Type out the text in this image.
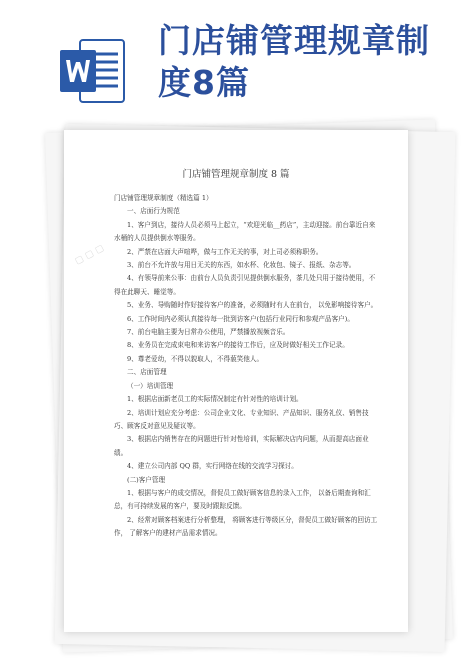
门店铺管理规章制度8篇
门店铺管理规章制度 8 篇

门店铺管理规章制度（精选篇 1）

一、店面行为规范

1、客户到店，接待人员必须马上起立，“欢迎光临__药店”，主动迎接。前台靠近自来水桶的人员提供倒水等服务。

2、严禁在店面大声喧哗，做与工作无关的事，对上司必须称职务。

3、前台不允许放与用日无关的东西，如水杯、化妆包、镜子、报纸、杂志等。

4、有领导前来公事：由前台人员负责引见提供倒水服务，茶几处只用于接待使用，不得在此聊天、睡觉等。

5、业务、导购随时作好接待客户的准备，必须随时有人在前台， 以免影响接待客户。

6、工作时间内必须认真接待每一批到访客户(包括行业同行和参观产品客户)。

7、前台电脑主要为日常办公使用，严禁播放视频音乐。

8、业务员在完成束电和来访客户的接待工作后，应及时做好相关工作记录。

9、尊老爱幼，不得以貌取人，不得藐笑他人。

二、店面管理

（一）培训管理

1、根据店面新老员工的实际情况制定有针对性的培训计划。

2、培训计划应充分考虑：公司企业文化、专业知识、产品知识、服务礼仪、销售技巧、顾客反对意见及疑议等。

3、根据店内销售存在的问题进行针对性培训，实际解决店内问题，从而提高店面业绩。

4、建立公司内部 QQ 群，实行网络在线的交流学习探讨。

(二)客户管理

1、根据与客户的成交情况，督促员工做好顾客信息的录入工作， 以备后期查询和汇总，有可持续发展的客户，要及时跟踪反馈。

2、经常对顾客档案进行分析整理， 将顾客进行等级区分，督促员工做好顾客的回访工作， 了解客户的建材产品需求情况。

▢ ▢ ▢
